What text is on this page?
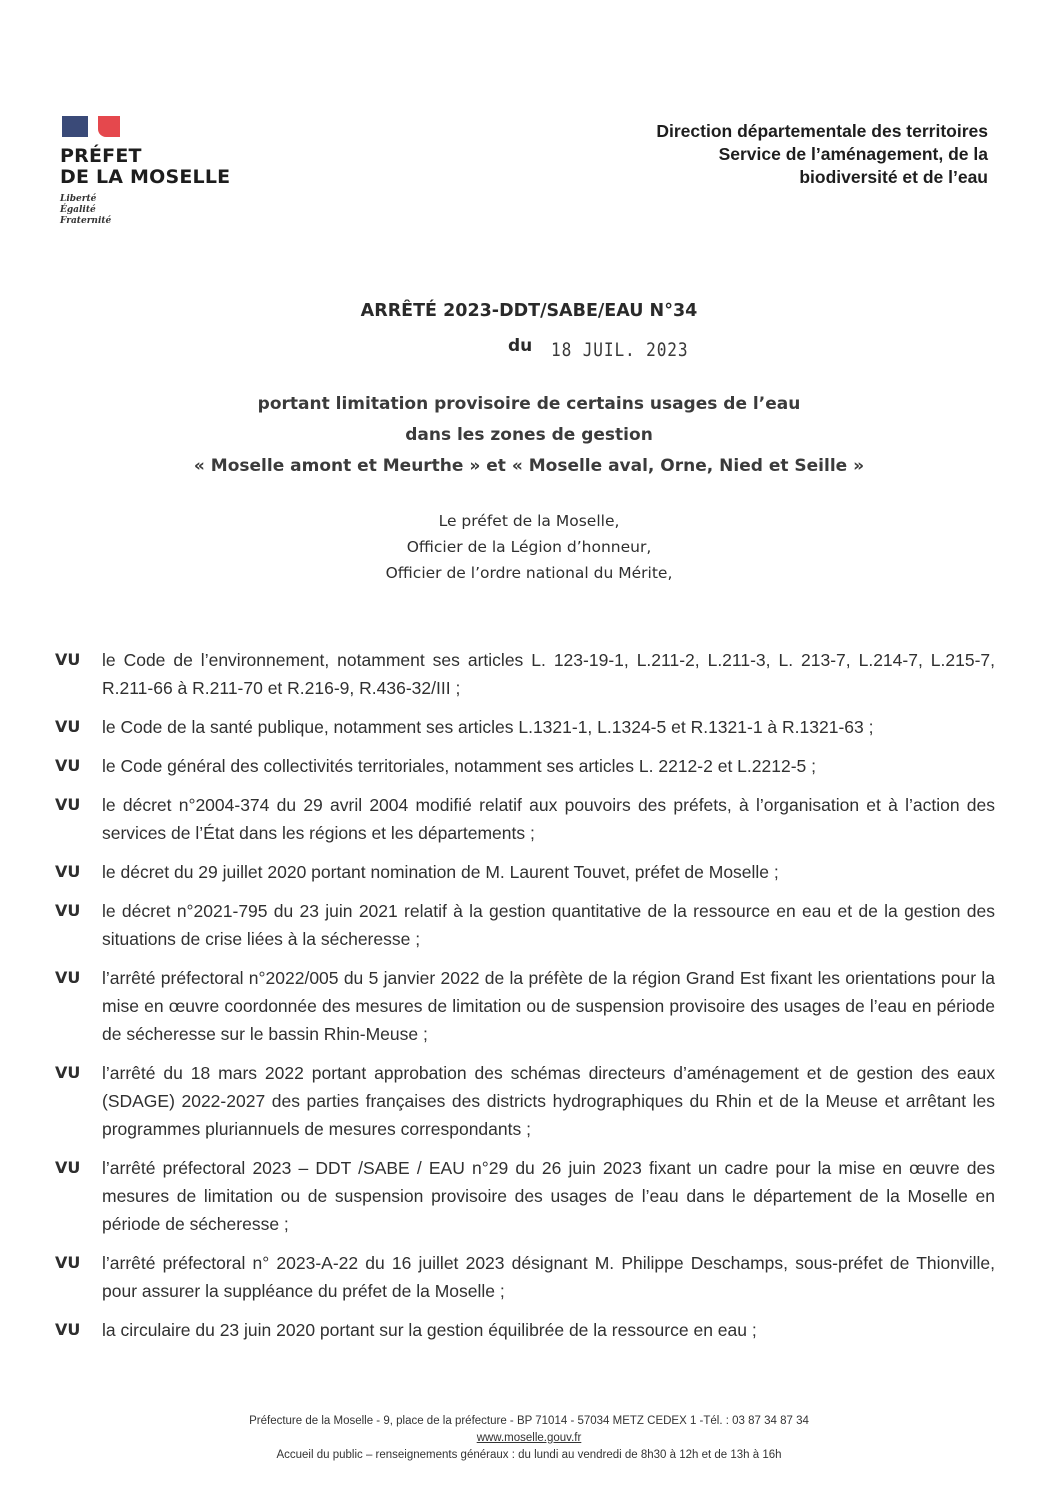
PRÉFET
DE LA MOSELLE
Liberté
Égalité
Fraternité
Direction départementale des territoires
Service de l’aménagement, de la
biodiversité et de l’eau
ARRÊTÉ 2023-DDT/SABE/EAU N°34
du 18 JUIL. 2023
portant limitation provisoire de certains usages de l’eau
dans les zones de gestion
« Moselle amont et Meurthe » et « Moselle aval, Orne, Nied et Seille »
Le préfet de la Moselle,
Officier de la Légion d’honneur,
Officier de l’ordre national du Mérite,
VU	le Code de l’environnement, notamment ses articles L. 123-19-1, L.211-2, L.211-3, L. 213-7, L.214-7, L.215-7, R.211-66 à R.211-70 et R.216-9, R.436-32/III ;
VU	le Code de la santé publique, notamment ses articles L.1321-1, L.1324-5 et R.1321-1 à R.1321-63 ;
VU	le Code général des collectivités territoriales, notamment ses articles L. 2212-2 et L.2212-5 ;
VU	le décret n°2004-374 du 29 avril 2004 modifié relatif aux pouvoirs des préfets, à l’organisation et à l’action des services de l’État dans les régions et les départements ;
VU	le décret du 29 juillet 2020 portant nomination de M. Laurent Touvet, préfet de Moselle ;
VU	le décret n°2021-795 du 23 juin 2021 relatif à la gestion quantitative de la ressource en eau et de la gestion des situations de crise liées à la sécheresse ;
VU	l’arrêté préfectoral n°2022/005 du 5 janvier 2022 de la préfète de la région Grand Est fixant les orientations pour la mise en œuvre coordonnée des mesures de limitation ou de suspension provisoire des usages de l’eau en période de sécheresse sur le bassin Rhin-Meuse ;
VU	l’arrêté du 18 mars 2022 portant approbation des schémas directeurs d’aménagement et de gestion des eaux (SDAGE) 2022-2027 des parties françaises des districts hydrographiques du Rhin et de la Meuse et arrêtant les programmes pluriannuels de mesures correspondants ;
VU	l’arrêté préfectoral 2023 – DDT /SABE / EAU n°29 du 26 juin 2023 fixant un cadre pour la mise en œuvre des mesures de limitation ou de suspension provisoire des usages de l’eau dans le département de la Moselle en période de sécheresse ;
VU	l’arrêté préfectoral n° 2023-A-22 du 16 juillet 2023 désignant M. Philippe Deschamps, sous-préfet de Thionville, pour assurer la suppléance du préfet de la Moselle ;
VU	la circulaire du 23 juin 2020 portant sur la gestion équilibrée de la ressource en eau ;
Préfecture de la Moselle - 9, place de la préfecture - BP 71014 - 57034 METZ CEDEX 1 -Tél. : 03 87 34 87 34
www.moselle.gouv.fr
Accueil du public – renseignements généraux : du lundi au vendredi de 8h30 à 12h et de 13h à 16h
